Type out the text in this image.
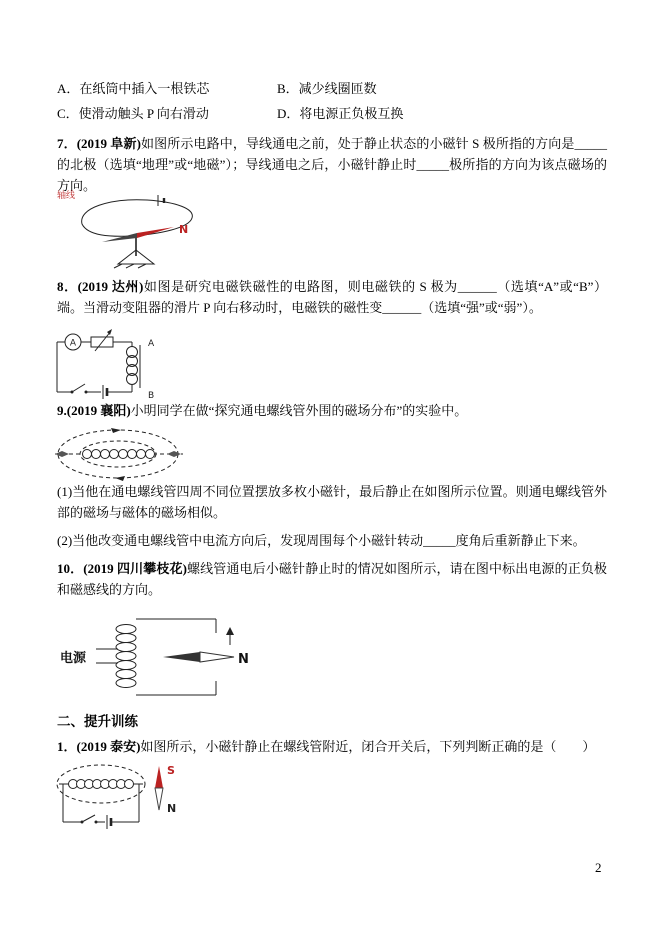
A．在纸筒中插入一根铁芯	B．减少线圈匝数
C．使滑动触头 P 向右滑动	D．将电源正负极互换

7．(2019 阜新)如图所示电路中，导线通电之前，处于静止状态的小磁针 S 极所指的方向是_____的北极（选填“地理”或“地磁”）；导线通电之后，小磁针静止时_____极所指的方向为该点磁场的方向。

轴线
N

8．(2019 达州)如图是研究电磁铁磁性的电路图，则电磁铁的 S 极为______（选填“A”或“B”）端。当滑动变阻器的滑片 P 向右移动时，电磁铁的磁性变______（选填“强”或“弱”）。

A	A
B

9.(2019 襄阳)小明同学在做“探究通电螺线管外围的磁场分布”的实验中。

(1)当他在通电螺线管四周不同位置摆放多枚小磁针，最后静止在如图所示位置。则通电螺线管外部的磁场与磁体的磁场相似。

(2)当他改变通电螺线管中电流方向后，发现周围每个小磁针转动_____度角后重新静止下来。

10．(2019 四川攀枝花)螺线管通电后小磁针静止时的情况如图所示，请在图中标出电源的正负极和磁感线的方向。

电源	N
二、提升训练

1．(2019 泰安)如图所示，小磁针静止在螺线管附近，闭合开关后，下列判断正确的是（　　）

S
N
2
